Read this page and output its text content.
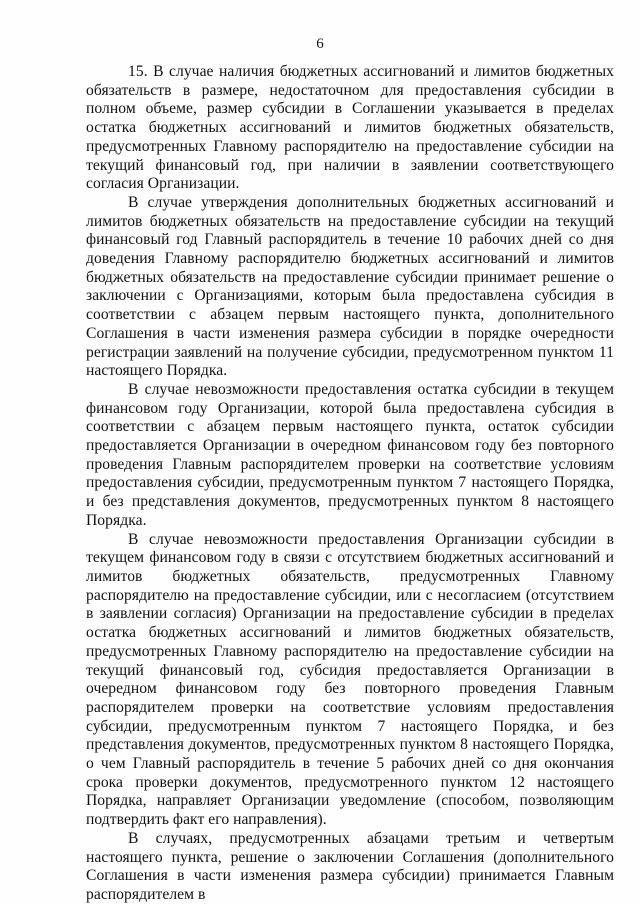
6

15. В случае наличия бюджетных ассигнований и лимитов бюджетных обязательств в размере, недостаточном для предоставления субсидии в полном объеме, размер субсидии в Соглашении указывается в пределах остатка бюджетных ассигнований и лимитов бюджетных обязательств, предусмотренных Главному распорядителю на предоставление субсидии на текущий финансовый год, при наличии в заявлении соответствующего согласия Организации.

В случае утверждения дополнительных бюджетных ассигнований и лимитов бюджетных обязательств на предоставление субсидии на текущий финансовый год Главный распорядитель в течение 10 рабочих дней со дня доведения Главному распорядителю бюджетных ассигнований и лимитов бюджетных обязательств на предоставление субсидии принимает решение о заключении с Организациями, которым была предоставлена субсидия в соответствии с абзацем первым настоящего пункта, дополнительного Соглашения в части изменения размера субсидии в порядке очередности регистрации заявлений на получение субсидии, предусмотренном пунктом 11 настоящего Порядка.

В случае невозможности предоставления остатка субсидии в текущем финансовом году Организации, которой была предоставлена субсидия в соответствии с абзацем первым настоящего пункта, остаток субсидии предоставляется Организации в очередном финансовом году без повторного проведения Главным распорядителем проверки на соответствие условиям предоставления субсидии, предусмотренным пунктом 7 настоящего Порядка, и без представления документов, предусмотренных пунктом 8 настоящего Порядка.

В случае невозможности предоставления Организации субсидии в текущем финансовом году в связи с отсутствием бюджетных ассигнований и лимитов бюджетных обязательств, предусмотренных Главному распорядителю на предоставление субсидии, или с несогласием (отсутствием в заявлении согласия) Организации на предоставление субсидии в пределах остатка бюджетных ассигнований и лимитов бюджетных обязательств, предусмотренных Главному распорядителю на предоставление субсидии на текущий финансовый год, субсидия предоставляется Организации в очередном финансовом году без повторного проведения Главным распорядителем проверки на соответствие условиям предоставления субсидии, предусмотренным пунктом 7 настоящего Порядка, и без представления документов, предусмотренных пунктом 8 настоящего Порядка, о чем Главный распорядитель в течение 5 рабочих дней со дня окончания срока проверки документов, предусмотренного пунктом 12 настоящего Порядка, направляет Организации уведомление (способом, позволяющим подтвердить факт его направления).

В случаях, предусмотренных абзацами третьим и четвертым настоящего пункта, решение о заключении Соглашения (дополнительного Соглашения в части изменения размера субсидии) принимается Главным распорядителем в
